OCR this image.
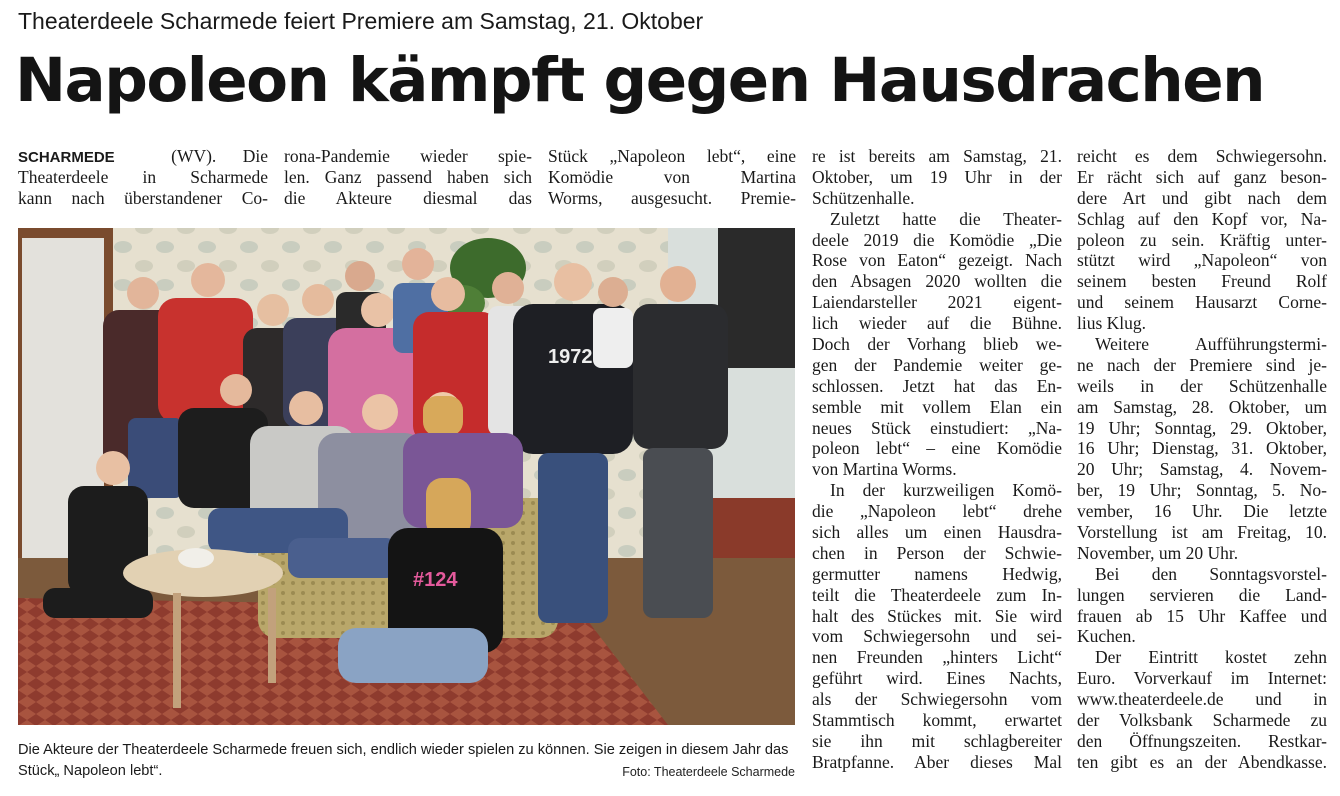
Theaterdeele Scharmede feiert Premiere am Samstag, 21. Oktober
Napoleon kämpft gegen Hausdrachen
SCHARMEDE	(WV). Die
Theaterdeele in Scharmede
kann nach überstandener Co-
rona-Pandemie wieder spie-
len. Ganz passend haben sich
die Akteure diesmal das
Stück „Napoleon lebt“, eine
Komödie von Martina
Worms, ausgesucht. Premie-
re ist bereits am Samstag, 21.
Oktober, um 19 Uhr in der
Schützenhalle.
Zuletzt hatte die Theater-
deele 2019 die Komödie „Die
Rose von Eaton“ gezeigt. Nach
den Absagen 2020 wollten die
Laiendarsteller 2021 eigent-
lich wieder auf die Bühne.
Doch der Vorhang blieb we-
gen der Pandemie weiter ge-
schlossen. Jetzt hat das En-
semble mit vollem Elan ein
neues Stück einstudiert: „Na-
poleon lebt“ – eine Komödie
von Martina Worms.
In der kurzweiligen Komö-
die „Napoleon lebt“ drehe
sich alles um einen Hausdra-
chen in Person der Schwie-
germutter namens Hedwig,
teilt die Theaterdeele zum In-
halt des Stückes mit. Sie wird
vom Schwiegersohn und sei-
nen Freunden „hinters Licht“
geführt wird. Eines Nachts,
als der Schwiegersohn vom
Stammtisch kommt, erwartet
sie ihn mit schlagbereiter
Bratpfanne. Aber dieses Mal
reicht es dem Schwiegersohn.
Er rächt sich auf ganz beson-
dere Art und gibt nach dem
Schlag auf den Kopf vor, Na-
poleon zu sein. Kräftig unter-
stützt wird „Napoleon“ von
seinem besten Freund Rolf
und seinem Hausarzt Corne-
lius Klug.
Weitere Aufführungstermi-
ne nach der Premiere sind je-
weils in der Schützenhalle
am Samstag, 28. Oktober, um
19 Uhr; Sonntag, 29. Oktober,
16 Uhr; Dienstag, 31. Oktober,
20 Uhr; Samstag, 4. Novem-
ber, 19 Uhr; Sonntag, 5. No-
vember, 16 Uhr. Die letzte
Vorstellung ist am Freitag, 10.
November, um 20 Uhr.
Bei den Sonntagsvorstel-
lungen servieren die Land-
frauen ab 15 Uhr Kaffee und
Kuchen.
Der Eintritt kostet zehn
Euro. Vorverkauf im Internet:
www.theaterdeele.de und in
der Volksbank Scharmede zu
den Öffnungszeiten. Restkar-
ten gibt es an der Abendkasse.
1972
#124
Die Akteure der Theaterdeele Scharmede freuen sich, endlich wieder spielen zu können. Sie zeigen in diesem Jahr das Stück„ Napoleon lebt“.	Foto: Theaterdeele Scharmede
